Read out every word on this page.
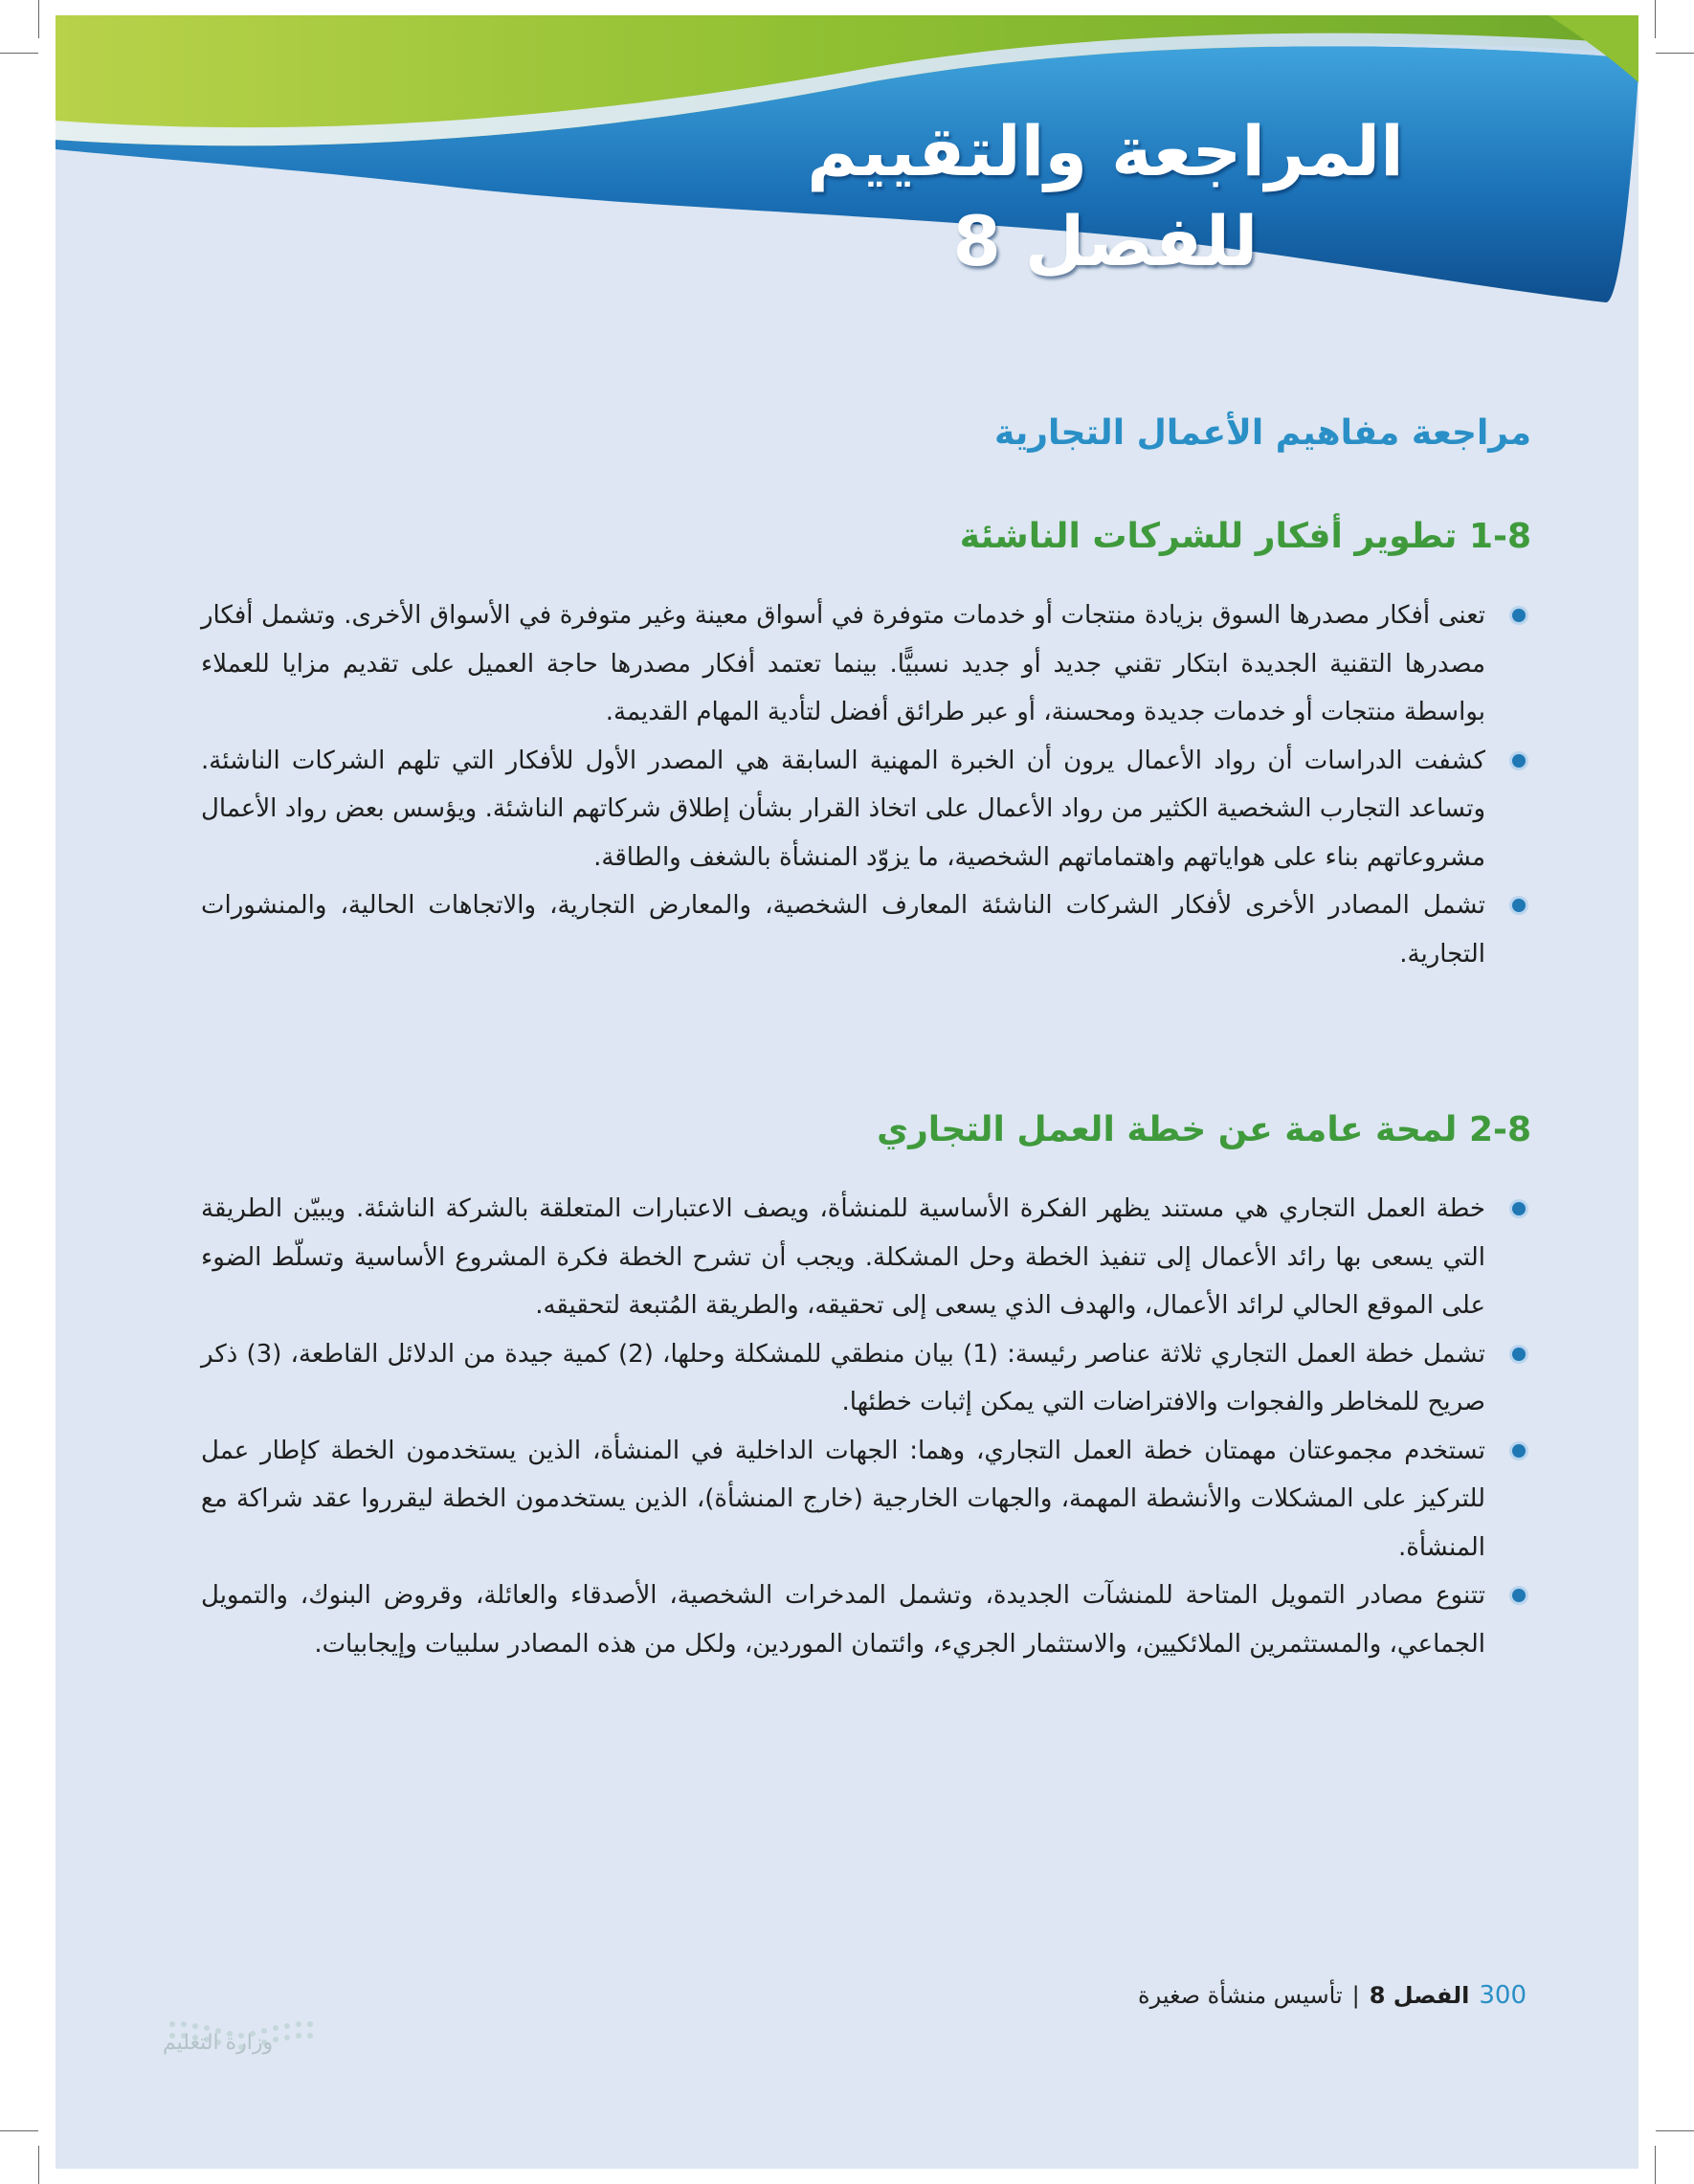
المراجعة والتقييم
للفصل 8
مراجعة مفاهيم الأعمال التجارية
1-8 تطوير أفكار للشركات الناشئة
تعنى أفكار مصدرها السوق بزيادة منتجات أو خدمات متوفرة في أسواق معينة وغير متوفرة في الأسواق الأخرى. وتشمل أفكار مصدرها التقنية الجديدة ابتكار تقني جديد أو جديد نسبيًّا. بينما تعتمد أفكار مصدرها حاجة العميل على تقديم مزايا للعملاء بواسطة منتجات أو خدمات جديدة ومحسنة، أو عبر طرائق أفضل لتأدية المهام القديمة.
كشفت الدراسات أن رواد الأعمال يرون أن الخبرة المهنية السابقة هي المصدر الأول للأفكار التي تلهم الشركات الناشئة. وتساعد التجارب الشخصية الكثير من رواد الأعمال على اتخاذ القرار بشأن إطلاق شركاتهم الناشئة. ويؤسس بعض رواد الأعمال مشروعاتهم بناء على هواياتهم واهتماماتهم الشخصية، ما يزوّد المنشأة بالشغف والطاقة.
تشمل المصادر الأخرى لأفكار الشركات الناشئة المعارف الشخصية، والمعارض التجارية، والاتجاهات الحالية، والمنشورات التجارية.
2-8 لمحة عامة عن خطة العمل التجاري
خطة العمل التجاري هي مستند يظهر الفكرة الأساسية للمنشأة، ويصف الاعتبارات المتعلقة بالشركة الناشئة. ويبيّن الطريقة التي يسعى بها رائد الأعمال إلى تنفيذ الخطة وحل المشكلة. ويجب أن تشرح الخطة فكرة المشروع الأساسية وتسلّط الضوء على الموقع الحالي لرائد الأعمال، والهدف الذي يسعى إلى تحقيقه، والطريقة المُتبعة لتحقيقه.
تشمل خطة العمل التجاري ثلاثة عناصر رئيسة: (1) بيان منطقي للمشكلة وحلها، (2) كمية جيدة من الدلائل القاطعة، (3) ذكر صريح للمخاطر والفجوات والافتراضات التي يمكن إثبات خطئها.
تستخدم مجموعتان مهمتان خطة العمل التجاري، وهما: الجهات الداخلية في المنشأة، الذين يستخدمون الخطة كإطار عمل للتركيز على المشكلات والأنشطة المهمة، والجهات الخارجية (خارج المنشأة)، الذين يستخدمون الخطة ليقرروا عقد شراكة مع المنشأة.
تتنوع مصادر التمويل المتاحة للمنشآت الجديدة، وتشمل المدخرات الشخصية، الأصدقاء والعائلة، وقروض البنوك، والتمويل الجماعي، والمستثمرين الملائكيين، والاستثمار الجريء، وائتمان الموردين، ولكل من هذه المصادر سلبيات وإيجابيات.
300
الفصل 8
|
تأسيس منشأة صغيرة
وزارة التعليم
